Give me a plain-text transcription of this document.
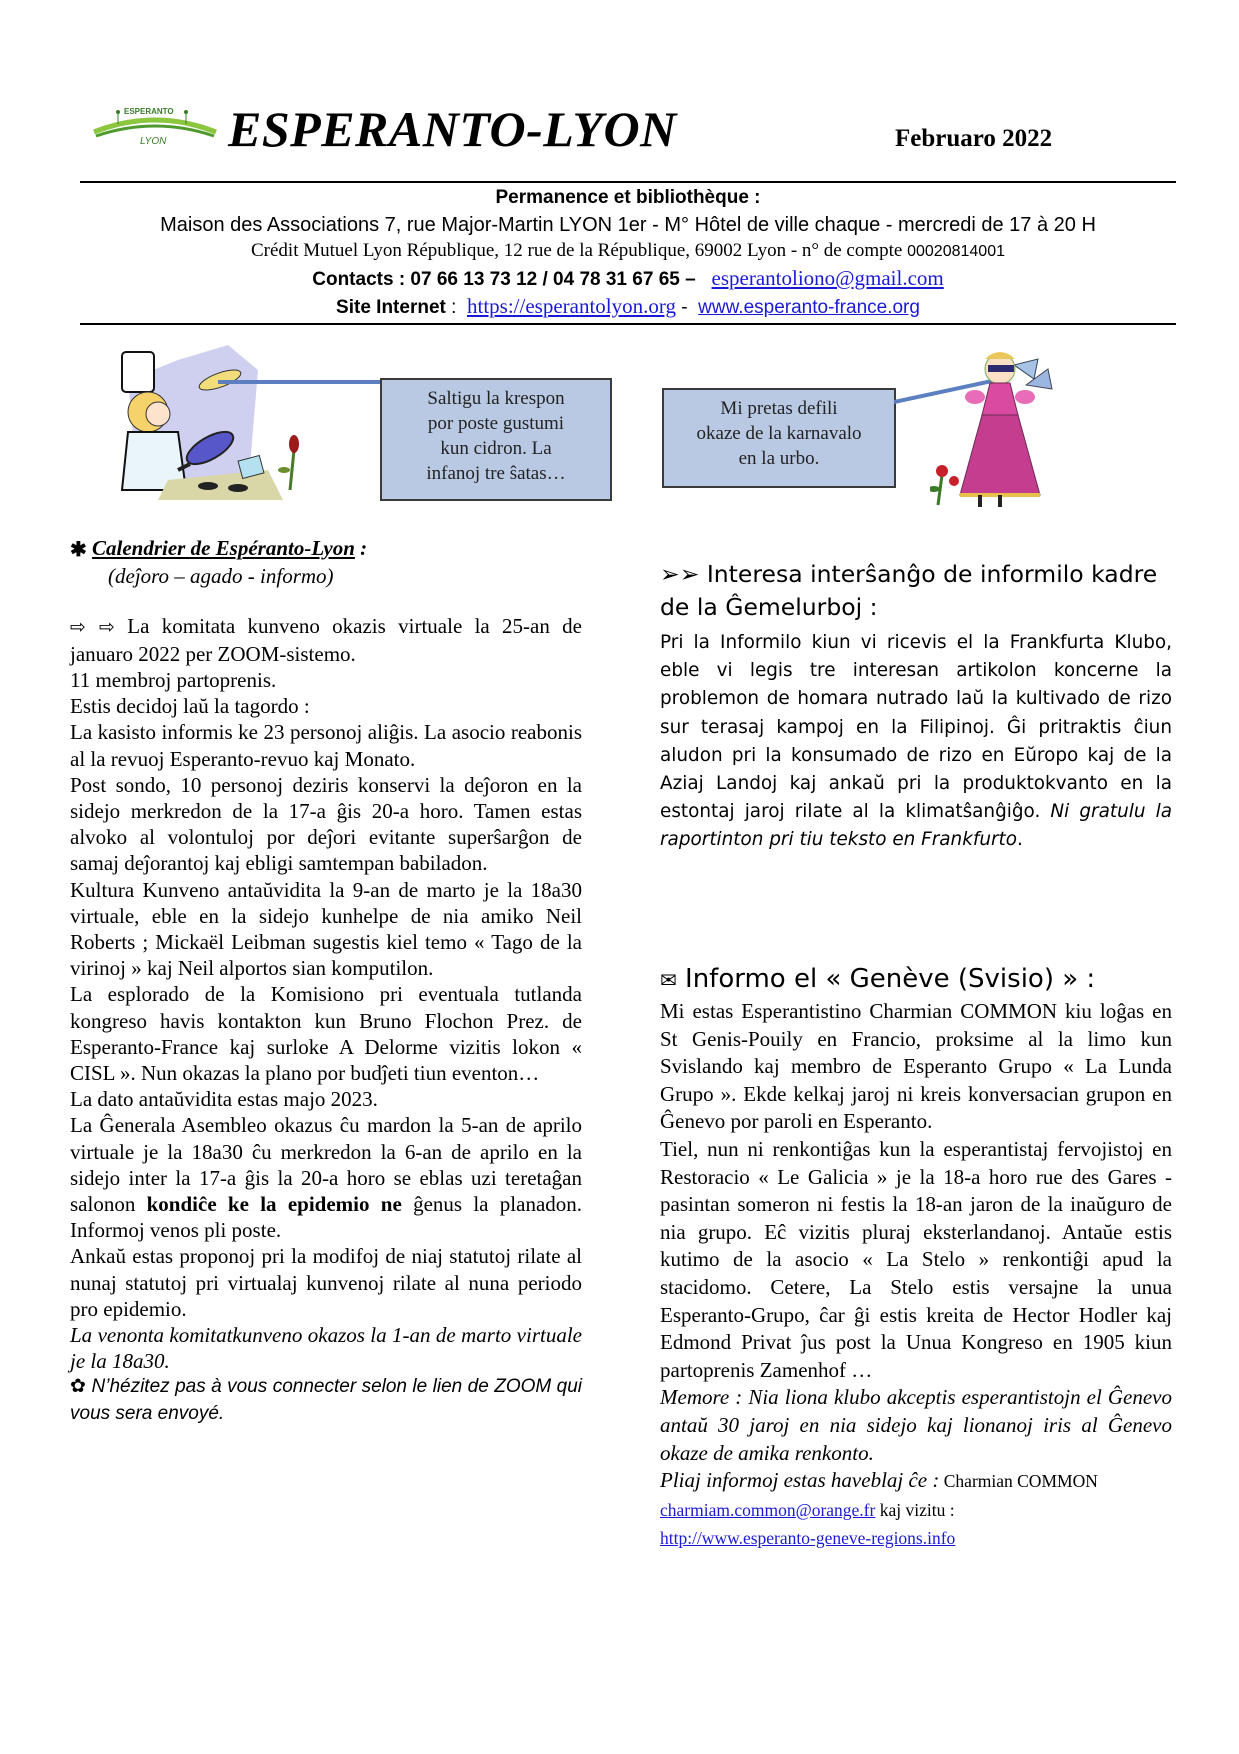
ESPERANTO
LYON ESPERANTO-LYON	Februaro 2022
Permanence et bibliothèque :
Maison des Associations 7, rue Major-Martin LYON 1er - M° Hôtel de ville chaque - mercredi de 17 à 20 H
Crédit Mutuel Lyon République, 12 rue de la République, 69002 Lyon - n° de compte 00020814001
Contacts : 07 66 13 73 12 / 04 78 31 67 65 – esperantoliono@gmail.com
Site Internet : https://esperantolyon.org -  www.esperanto-france.org
Saltigu la krespon
por poste gustumi
kun cidron. La
infanoj tre ŝatas…
Mi pretas defili
okaze de la karnavalo
en la urbo.
✱ Calendrier de Espéranto-Lyon :
(deĵoro – agado - informo)

⇨ ⇨ La komitata kunveno okazis virtuale la 25-an de januaro 2022 per ZOOM-sistemo.

11 membroj partoprenis.

Estis decidoj laŭ la tagordo :

La kasisto informis ke 23 personoj aliĝis. La asocio reabonis al la revuoj Esperanto-revuo kaj Monato.

Post sondo, 10 personoj deziris konservi la deĵoron en la sidejo merkredon de la 17-a ĝis 20-a horo. Tamen estas alvoko al volontuloj por deĵori evitante superŝarĝon de samaj deĵorantoj kaj ebligi samtempan babiladon.

Kultura Kunveno antaŭvidita la 9-an de marto je la 18a30 virtuale, eble en la sidejo kunhelpe de nia amiko Neil Roberts ; Mickaël Leibman sugestis kiel temo « Tago de la virinoj » kaj Neil alportos sian komputilon.

La esplorado de la Komisiono pri eventuala tutlanda kongreso havis kontakton kun Bruno Flochon Prez. de Esperanto-France kaj surloke A Delorme vizitis lokon « CISL ». Nun okazas la plano por budĵeti tiun eventon…

La dato antaŭvidita estas majo 2023.

La Ĝenerala Asembleo okazus ĉu mardon la 5-an de aprilo virtuale je la 18a30 ĉu merkredon la 6-an de aprilo en la sidejo inter la 17-a ĝis la 20-a horo se eblas uzi teretaĝan salonon kondiĉe ke la epidemio ne ĝenus la planadon. Informoj venos pli poste.

Ankaŭ estas proponoj pri la modifoj de niaj statutoj rilate al nunaj statutoj pri virtualaj kunvenoj rilate al nuna periodo pro epidemio.

La venonta komitatkunveno okazos la 1-an de marto virtuale je la 18a30.

✿ N’hézitez pas à vous connecter selon le lien de ZOOM qui vous sera envoyé.

➢➢ Interesa interŝanĝo de informilo kadre de la Ĝemelurboj :
Pri la Informilo kiun vi ricevis el la Frankfurta Klubo, eble vi legis tre interesan artikolon koncerne la problemon de homara nutrado laŭ la kultivado de rizo sur terasaj kampoj en la Filipinoj. Ĝi pritraktis ĉiun aludon pri la konsumado de rizo en Eŭropo kaj de la Aziaj Landoj kaj ankaŭ pri la produktokvanto en la estontaj jaroj rilate al la klimatŝanĝiĝo. Ni gratulu la raportinton pri tiu teksto en Frankfurto.
✉ Informo el « Genève (Svisio) » :

Mi estas Esperantistino Charmian COMMON kiu loĝas en St Genis-Pouily en Francio, proksime al la limo kun Svislando kaj membro de Esperanto Grupo « La Lunda Grupo ». Ekde kelkaj jaroj ni kreis konversacian grupon en Ĝenevo por paroli en Esperanto.

Tiel, nun ni renkontiĝas kun la esperantistaj fervojistoj en Restoracio « Le Galicia » je la 18-a horo rue des Gares - pasintan someron ni festis la 18-an jaron de la inaŭguro de nia grupo. Eĉ vizitis pluraj eksterlandanoj. Antaŭe estis kutimo de la asocio « La Stelo » renkontiĝi apud la stacidomo. Cetere, La Stelo estis versajne la unua Esperanto-Grupo, ĉar ĝi estis kreita de Hector Hodler kaj Edmond Privat ĵus post la Unua Kongreso en 1905 kiun partoprenis Zamenhof …

Memore : Nia liona klubo akceptis esperantistojn el Ĝenevo antaŭ 30 jaroj en nia sidejo kaj lionanoj iris al Ĝenevo okaze de amika renkonto.

Pliaj informoj estas haveblaj ĉe : Charmian COMMON charmiam.common@orange.fr kaj vizitu :
http://www.esperanto-geneve-regions.info
